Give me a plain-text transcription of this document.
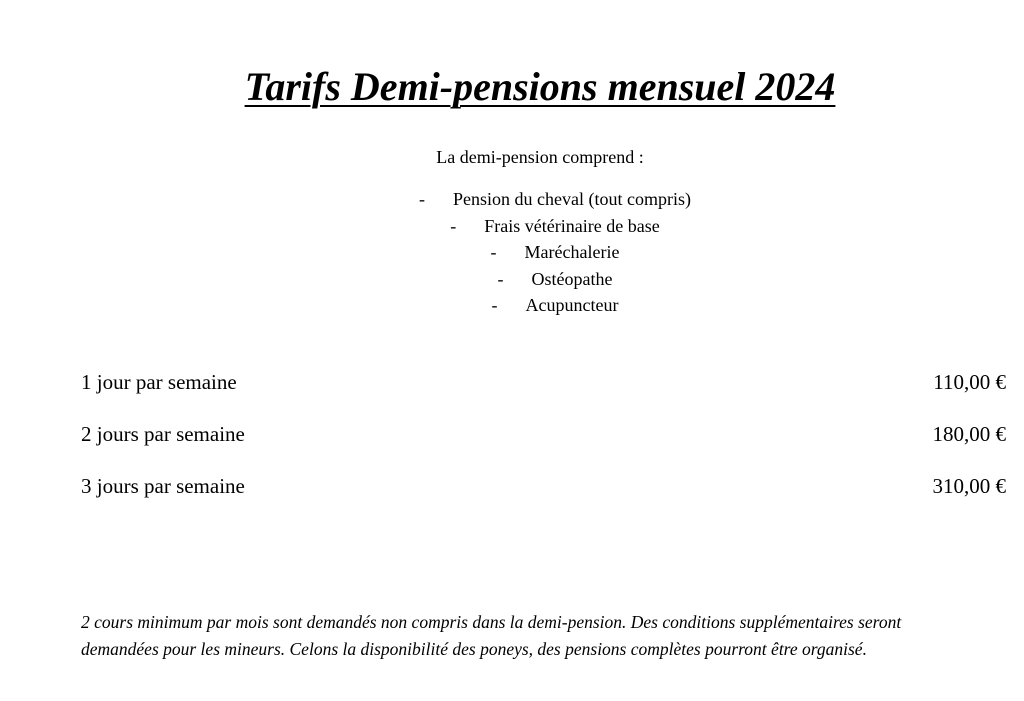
Tarifs Demi-pensions mensuel 2024
La demi-pension comprend :
- Pension du cheval (tout compris)
- Frais vétérinaire de base
- Maréchalerie
- Ostéopathe
- Acupuncteur
1 jour par semaine	110,00 €
2 jours par semaine	180,00 €
3 jours par semaine	310,00 €

2 cours minimum par mois sont demandés non compris dans la demi-pension. Des conditions supplémentaires seront demandées pour les mineurs. Celons la disponibilité des poneys, des pensions complètes pourront être organisé.
